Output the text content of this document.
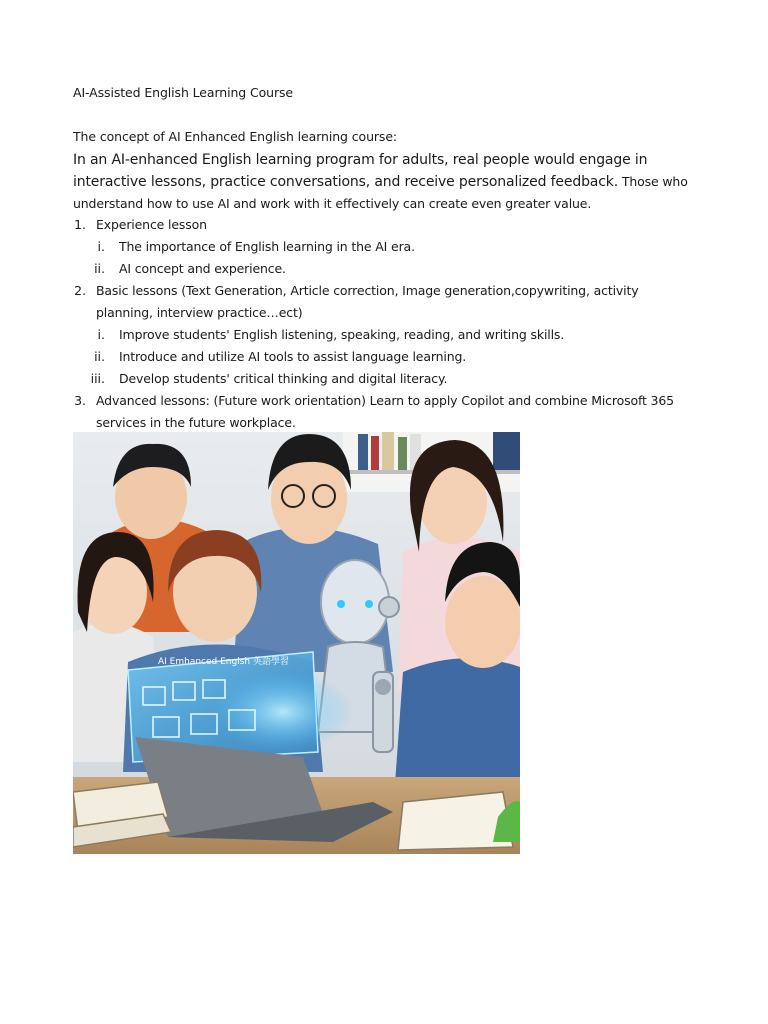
AI-Assisted English Learning Course
The concept of AI Enhanced English learning course:
In an AI-enhanced English learning program for adults, real people would engage in interactive lessons, practice conversations, and receive personalized feedback. Those who understand how to use AI and work with it effectively can create even greater value.
1. Experience lesson
i. The importance of English learning in the AI era.
ii. AI concept and experience.
2. Basic lessons (Text Generation, Article correction, Image generation,copywriting, activity
planning, interview practice…ect)
i. Improve students' English listening, speaking, reading, and writing skills.
ii. Introduce and utilize AI tools to assist language learning.
iii. Develop students' critical thinking and digital literacy.
3. Advanced lessons: (Future work orientation) Learn to apply Copilot and combine Microsoft 365
services in the future workplace.
AI Emhanced Englsh 英語學習
